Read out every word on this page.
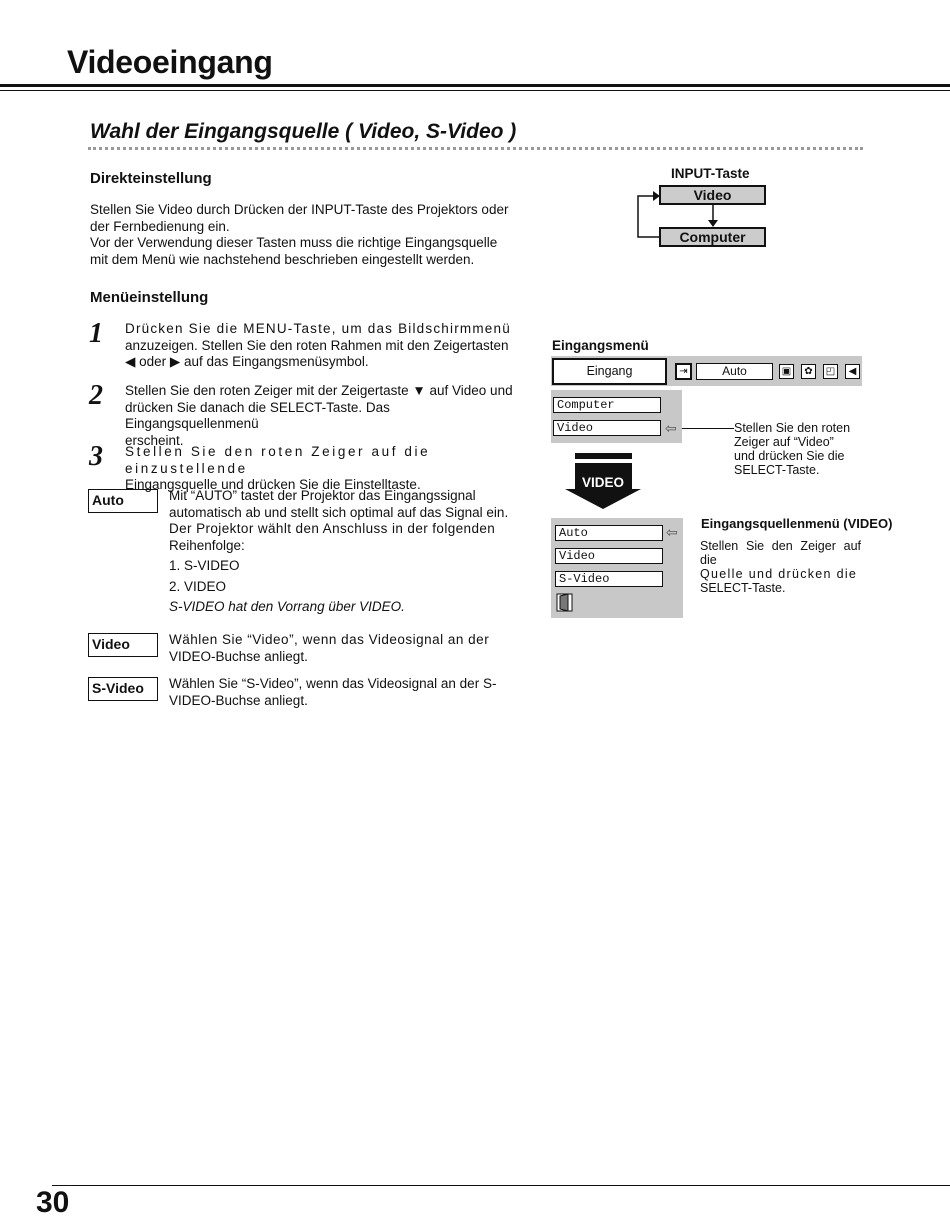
Videoeingang
Wahl der Eingangsquelle ( Video, S-Video )
Direkteinstellung
Stellen Sie Video durch Drücken der INPUT-Taste des Projektors oder
der Fernbedienung ein.
Vor der Verwendung dieser Tasten muss die richtige Eingangsquelle
mit dem Menü wie nachstehend beschrieben eingestellt werden.
Menüeinstellung
1 Drücken Sie die MENU-Taste, um das Bildschirmmenü
anzuzeigen. Stellen Sie den roten Rahmen mit den Zeigertasten
◀ oder ▶ auf das Eingangsmenüsymbol.
2 Stellen Sie den roten Zeiger mit der Zeigertaste ▼ auf Video und
drücken Sie danach die SELECT-Taste. Das Eingangsquellenmenü
erscheint.
3 Stellen Sie den roten Zeiger auf die einzustellende
Eingangsquelle und drücken Sie die Einstelltaste.
Auto	Mit “AUTO” tastet der Projektor das Eingangssignal
automatisch ab und stellt sich optimal auf das Signal ein.
Der Projektor wählt den Anschluss in der folgenden
Reihenfolge:
1. S-VIDEO
2. VIDEO
S-VIDEO hat den Vorrang über VIDEO.
Video	Wählen Sie “Video”, wenn das Videosignal an der
VIDEO-Buchse anliegt.
S-Video	Wählen Sie “S-Video”, wenn das Videosignal an der S-
VIDEO-Buchse anliegt.
INPUT-Taste
Video
Computer
Eingangsmenü
Eingang	⇥	Auto	▣	✿	◰	◀
Computer
Video	⇦	Stellen Sie den roten
Zeiger auf “Video”
und drücken Sie die
SELECT-Taste.
VIDEO
Auto	⇦
Video
S-Video
Eingangsquellenmenü (VIDEO)
Stellen Sie den Zeiger auf die
Quelle und drücken die
SELECT-Taste.
30
